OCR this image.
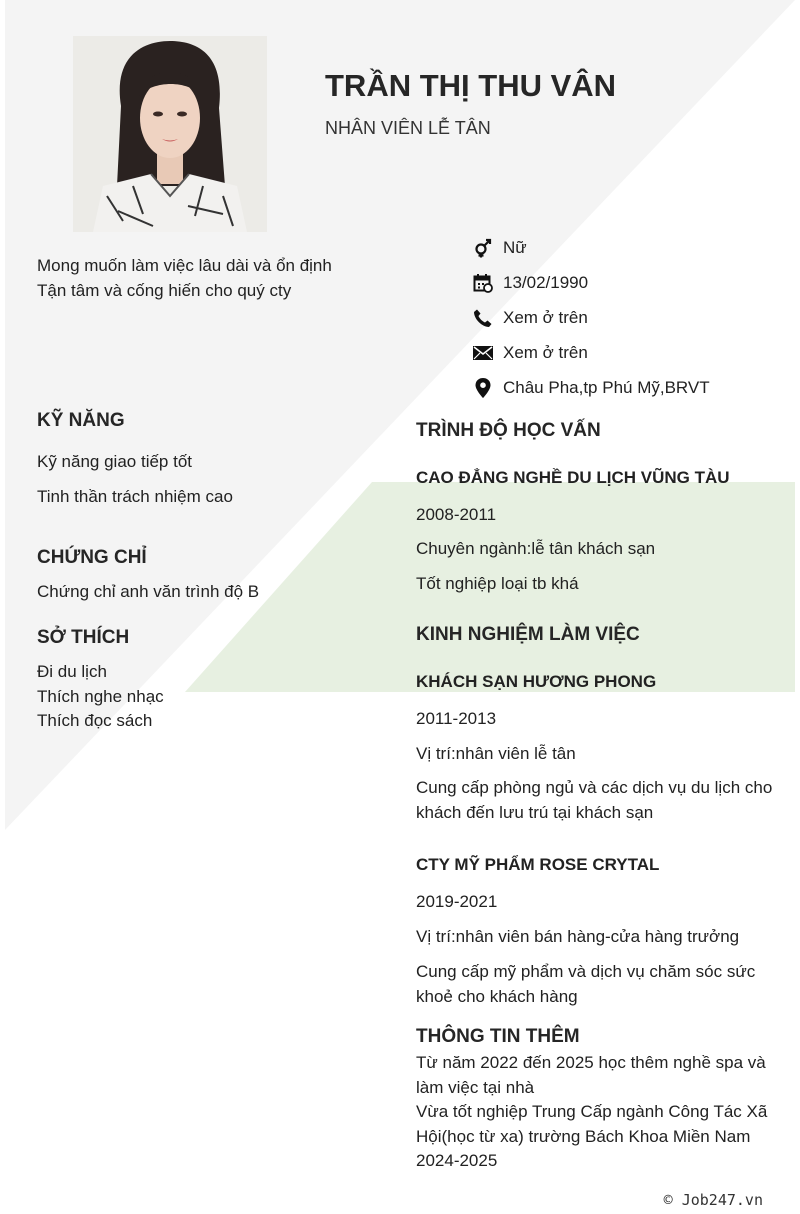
TRẦN THỊ THU VÂN
NHÂN VIÊN LỄ TÂN
Mong muốn làm việc lâu dài và ổn định
Tận tâm và cống hiến cho quý cty
Nữ
13/02/1990
Xem ở trên
Xem ở trên
Châu Pha,tp Phú Mỹ,BRVT
KỸ NĂNG
Kỹ năng giao tiếp tốt
Tinh thần trách nhiệm cao
CHỨNG CHỈ
Chứng chỉ anh văn trình độ B
SỞ THÍCH
Đi du lịch
Thích nghe nhạc
Thích đọc sách
TRÌNH ĐỘ HỌC VẤN
CAO ĐẲNG NGHỀ DU LỊCH VŨNG TÀU
2008-2011
Chuyên ngành:lễ tân khách sạn
Tốt nghiệp loại tb khá
KINH NGHIỆM LÀM VIỆC
KHÁCH SẠN HƯƠNG PHONG
2011-2013
Vị trí:nhân viên lễ tân
Cung cấp phòng ngủ và các dịch vụ du lịch cho
khách đến lưu trú tại khách sạn
CTY MỸ PHẨM ROSE CRYTAL
2019-2021
Vị trí:nhân viên bán hàng-cửa hàng trưởng
Cung cấp mỹ phẩm và dịch vụ chăm sóc sức
khoẻ cho khách hàng
THÔNG TIN THÊM
Từ năm 2022 đến 2025 học thêm nghề spa và
làm việc tại nhà
Vừa tốt nghiệp Trung Cấp ngành Công Tác Xã
Hội(học từ xa) trường Bách Khoa Miền Nam
2024-2025
© Job247.vn
